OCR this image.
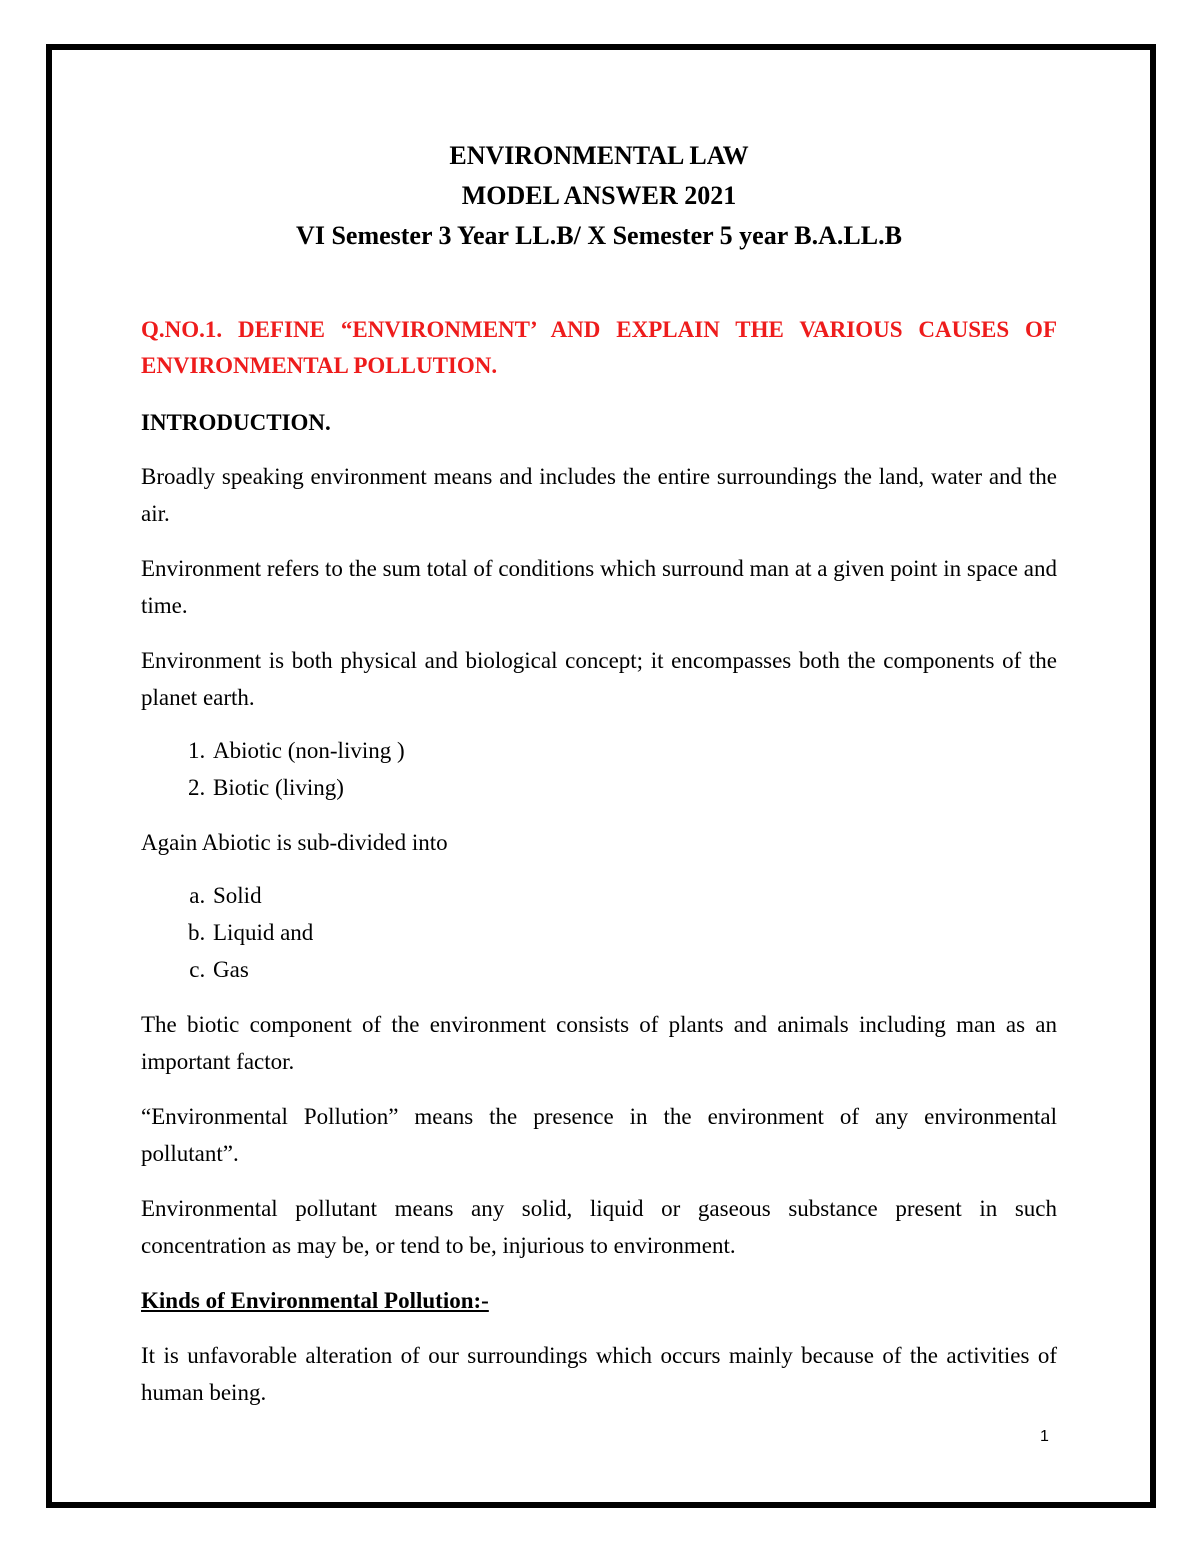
ENVIRONMENTAL LAW
MODEL ANSWER 2021
VI Semester 3 Year LL.B/ X Semester 5 year B.A.LL.B

Q.NO.1. DEFINE “ENVIRONMENT’ AND EXPLAIN THE VARIOUS CAUSES OF ENVIRONMENTAL POLLUTION.

INTRODUCTION.

Broadly speaking environment means and includes the entire surroundings the land, water and the air.

Environment refers to the sum total of conditions which surround man at a given point in space and time.

Environment is both physical and biological concept; it encompasses both the components of the planet earth.

1. Abiotic (non-living )
2. Biotic (living)

Again Abiotic is sub-divided into

a. Solid
b. Liquid and
c. Gas

The biotic component of the environment consists of plants and animals including man as an important factor.

“Environmental Pollution” means the presence in the environment of any environmental pollutant”.

Environmental pollutant means any solid, liquid or gaseous substance present in such concentration as may be, or tend to be, injurious to environment.

Kinds of Environmental Pollution:-

It is unfavorable alteration of our surroundings which occurs mainly because of the activities of human being.

1
